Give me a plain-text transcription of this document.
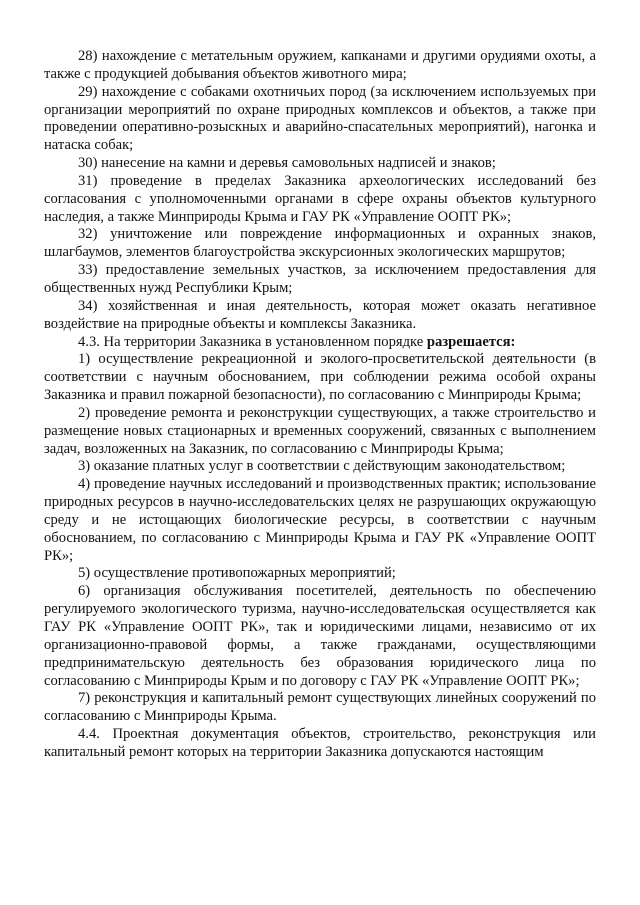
28) нахождение с метательным оружием, капканами и другими орудиями охоты, а также с продукцией добывания объектов животного мира;

29) нахождение с собаками охотничьих пород (за исключением используемых при организации мероприятий по охране природных комплексов и объектов, а также при проведении оперативно-розыскных и аварийно-спасательных мероприятий), нагонка и натаска собак;

30) нанесение на камни и деревья самовольных надписей и знаков;

31) проведение в пределах Заказника археологических исследований без согласования с уполномоченными органами в сфере охраны объектов культурного наследия, а также Минприроды Крыма и ГАУ РК «Управление ООПТ РК»;

32) уничтожение или повреждение информационных и охранных знаков, шлагбаумов, элементов благоустройства экскурсионных экологических маршрутов;

33) предоставление земельных участков, за исключением предоставления для общественных нужд Республики Крым;

34) хозяйственная и иная деятельность, которая может оказать негативное воздействие на природные объекты и комплексы Заказника.

4.3. На территории Заказника в установленном порядке разрешается:

1) осуществление рекреационной и эколого-просветительской деятельности (в соответствии с научным обоснованием, при соблюдении режима особой охраны Заказника и правил пожарной безопасности), по согласованию с Минприроды Крыма;

2) проведение ремонта и реконструкции существующих, а также строительство и размещение новых стационарных и временных сооружений, связанных с выполнением задач, возложенных на Заказник, по согласованию с Минприроды Крыма;

3) оказание платных услуг в соответствии с действующим законодательством;

4) проведение научных исследований и производственных практик; использование природных ресурсов в научно-исследовательских целях не разрушающих окружающую среду и не истощающих биологические ресурсы, в соответствии с научным обоснованием, по согласованию с Минприроды Крыма и ГАУ РК «Управление ООПТ РК»;

5) осуществление противопожарных мероприятий;

6) организация обслуживания посетителей, деятельность по обеспечению регулируемого экологического туризма, научно-исследовательская осуществляется как ГАУ РК «Управление ООПТ РК», так и юридическими лицами, независимо от их организационно-правовой формы, а также гражданами, осуществляющими предпринимательскую деятельность без образования юридического лица по согласованию с Минприроды Крым и по договору с ГАУ РК «Управление ООПТ РК»;

7) реконструкция и капитальный ремонт существующих линейных сооружений по согласованию с Минприроды Крыма.

4.4. Проектная документация объектов, строительство, реконструкция или капитальный ремонт которых на территории Заказника допускаются настоящим
